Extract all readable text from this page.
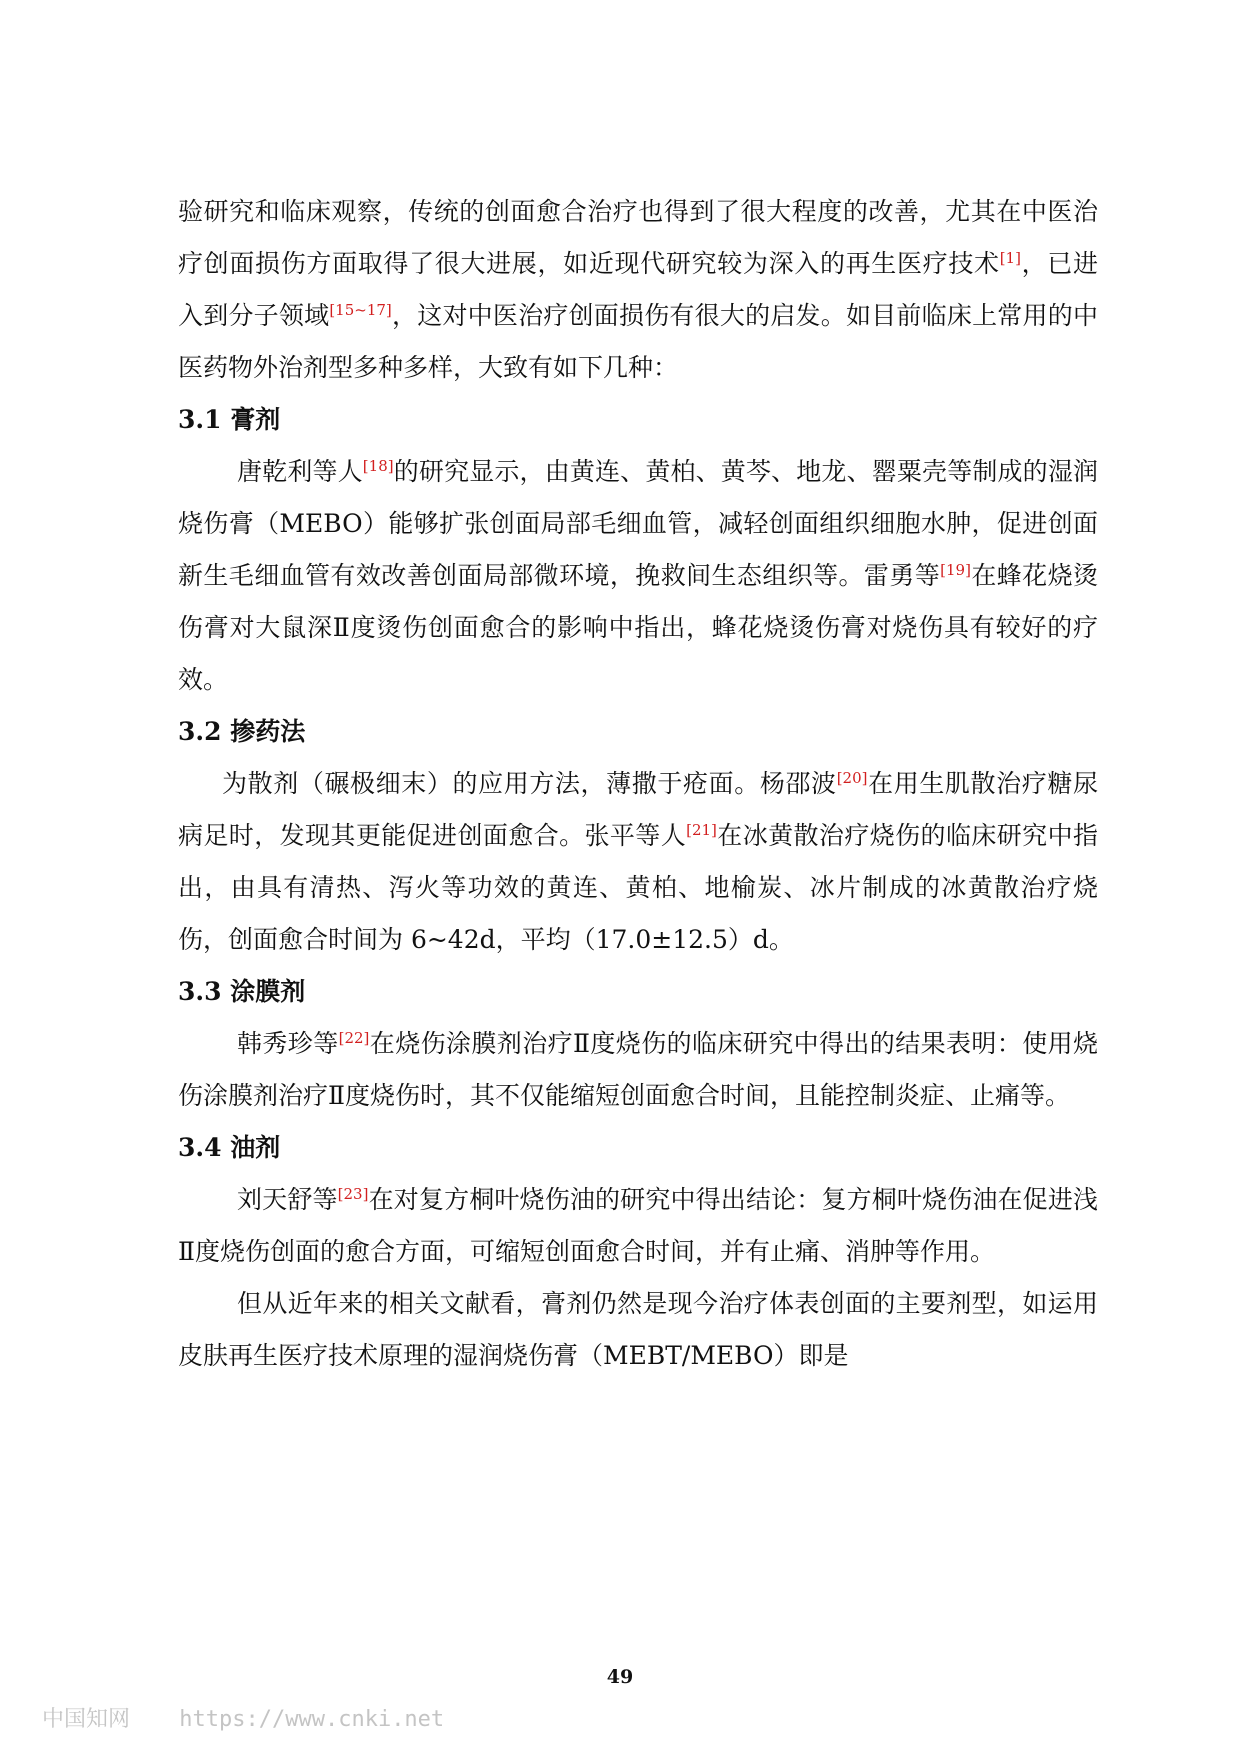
验研究和临床观察，传统的创面愈合治疗也得到了很大程度的改善，尤其在中医治疗创面损伤方面取得了很大进展，如近现代研究较为深入的再生医疗技术[1]，已进入到分子领域[15~17]，这对中医治疗创面损伤有很大的启发。如目前临床上常用的中医药物外治剂型多种多样，大致有如下几种：

3.1 膏剂

唐乾利等人[18]的研究显示，由黄连、黄柏、黄芩、地龙、罂粟壳等制成的湿润烧伤膏（MEBO）能够扩张创面局部毛细血管，减轻创面组织细胞水肿，促进创面新生毛细血管有效改善创面局部微环境，挽救间生态组织等。雷勇等[19]在蜂花烧烫伤膏对大鼠深Ⅱ度烫伤创面愈合的影响中指出，蜂花烧烫伤膏对烧伤具有较好的疗效。

3.2 掺药法

为散剂（碾极细末）的应用方法，薄撒于疮面。杨邵波[20]在用生肌散治疗糖尿病足时，发现其更能促进创面愈合。张平等人[21]在冰黄散治疗烧伤的临床研究中指出，由具有清热、泻火等功效的黄连、黄柏、地榆炭、冰片制成的冰黄散治疗烧伤，创面愈合时间为 6~42d，平均（17.0±12.5）d。

3.3 涂膜剂

韩秀珍等[22]在烧伤涂膜剂治疗Ⅱ度烧伤的临床研究中得出的结果表明：使用烧伤涂膜剂治疗Ⅱ度烧伤时，其不仅能缩短创面愈合时间，且能控制炎症、止痛等。

3.4 油剂

刘天舒等[23]在对复方桐叶烧伤油的研究中得出结论：复方桐叶烧伤油在促进浅Ⅱ度烧伤创面的愈合方面，可缩短创面愈合时间，并有止痛、消肿等作用。

但从近年来的相关文献看，膏剂仍然是现今治疗体表创面的主要剂型，如运用皮肤再生医疗技术原理的湿润烧伤膏（MEBT/MEBO）即是

49
中国知网 https://www.cnki.net
